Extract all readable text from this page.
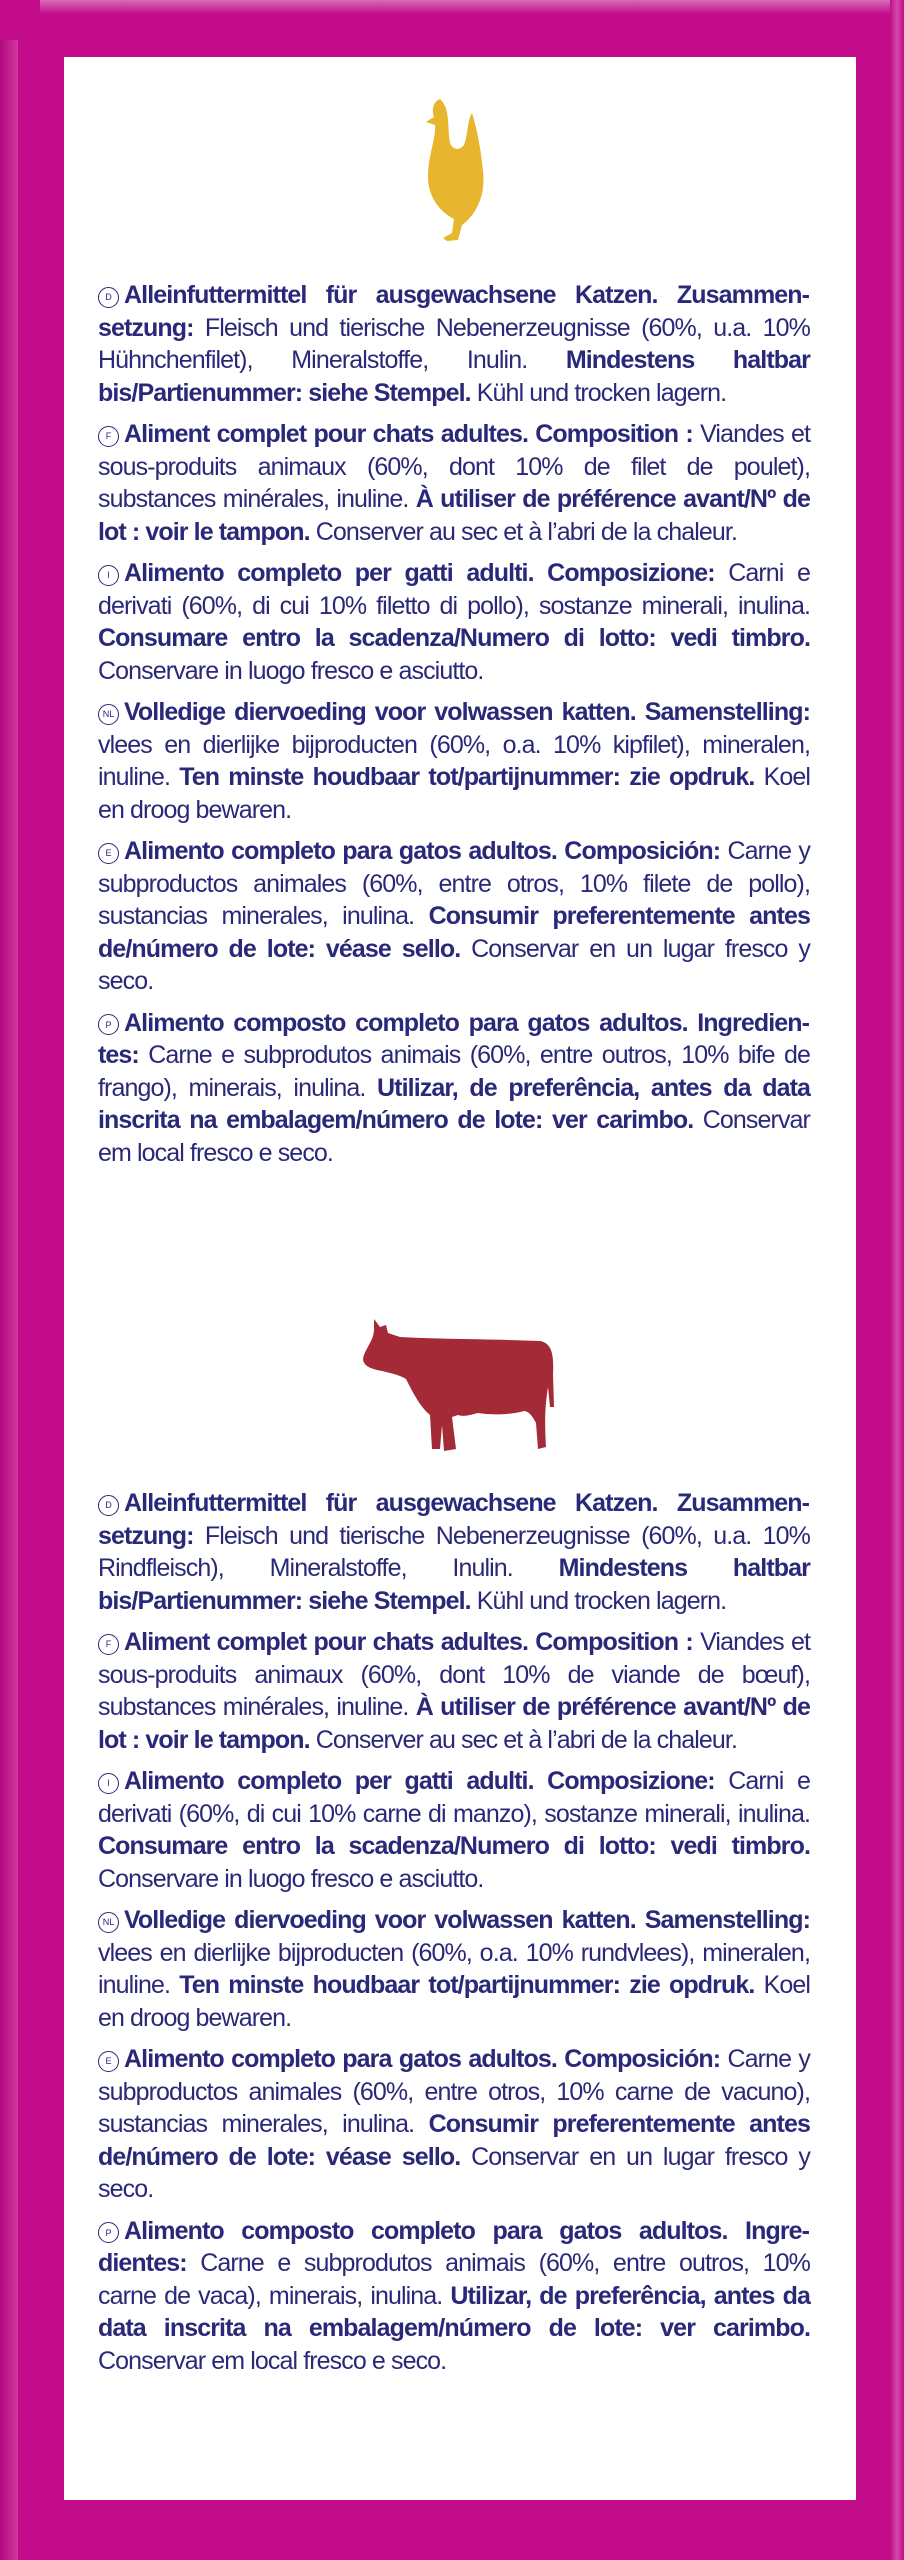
D Alleinfuttermittel für ausgewachsene Katzen. Zusammensetzung: Fleisch und tierische Nebenerzeugnisse (60%, u.a. 10% Hühnchenfilet), Mineralstoffe, Inulin. Mindestens haltbar bis/Partienummer: siehe Stempel. Kühl und trocken lagern.

F Aliment complet pour chats adultes. Composition : Viandes et sous-produits animaux (60%, dont 10% de filet de poulet), substances minérales, inuline. À utiliser de préférence avant/Nº de lot : voir le tampon. Conserver au sec et à l’abri de la chaleur.

I Alimento completo per gatti adulti. Composizione: Carni e derivati (60%, di cui 10% filetto di pollo), sostanze minerali, inulina. Consumare entro la scadenza/Numero di lotto: vedi timbro. Conservare in luogo fresco e asciutto.

NL Volledige diervoeding voor volwassen katten. Samenstelling: vlees en dierlijke bijproducten (60%, o.a. 10% kipfilet), mineralen, inuline. Ten minste houdbaar tot/partijnummer: zie opdruk. Koel en droog bewaren.

E Alimento completo para gatos adultos. Composición: Carne y subproductos animales (60%, entre otros, 10% filete de pollo), sustancias minerales, inulina. Consumir preferentemente antes de/número de lote: véase sello. Conservar en un lugar fresco y seco.

P Alimento composto completo para gatos adultos. Ingredientes: Carne e subprodutos animais (60%, entre outros, 10% bife de frango), minerais, inulina. Utilizar, de preferência, antes da data inscrita na embalagem/número de lote: ver carimbo. Conservar em local fresco e seco.

D Alleinfuttermittel für ausgewachsene Katzen. Zusammensetzung: Fleisch und tierische Nebenerzeugnisse (60%, u.a. 10% Rindfleisch), Mineralstoffe, Inulin. Mindestens haltbar bis/Partienummer: siehe Stempel. Kühl und trocken lagern.

F Aliment complet pour chats adultes. Composition : Viandes et sous-produits animaux (60%, dont 10% de viande de bœuf), substances minérales, inuline. À utiliser de préférence avant/Nº de lot : voir le tampon. Conserver au sec et à l’abri de la chaleur.

I Alimento completo per gatti adulti. Composizione: Carni e derivati (60%, di cui 10% carne di manzo), sostanze minerali, inulina. Consumare entro la scadenza/Numero di lotto: vedi timbro. Conservare in luogo fresco e asciutto.

NL Volledige diervoeding voor volwassen katten. Samenstelling: vlees en dierlijke bijproducten (60%, o.a. 10% rundvlees), mineralen, inuline. Ten minste houdbaar tot/partijnummer: zie opdruk. Koel en droog bewaren.

E Alimento completo para gatos adultos. Composición: Carne y subproductos animales (60%, entre otros, 10% carne de vacuno), sustancias minerales, inulina. Consumir preferentemente antes de/número de lote: véase sello. Conservar en un lugar fresco y seco.

P Alimento composto completo para gatos adultos. Ingredientes: Carne e subprodutos animais (60%, entre outros, 10% carne de vaca), minerais, inulina. Utilizar, de preferência, antes da data inscrita na embalagem/número de lote: ver carimbo. Conservar em local fresco e seco.
